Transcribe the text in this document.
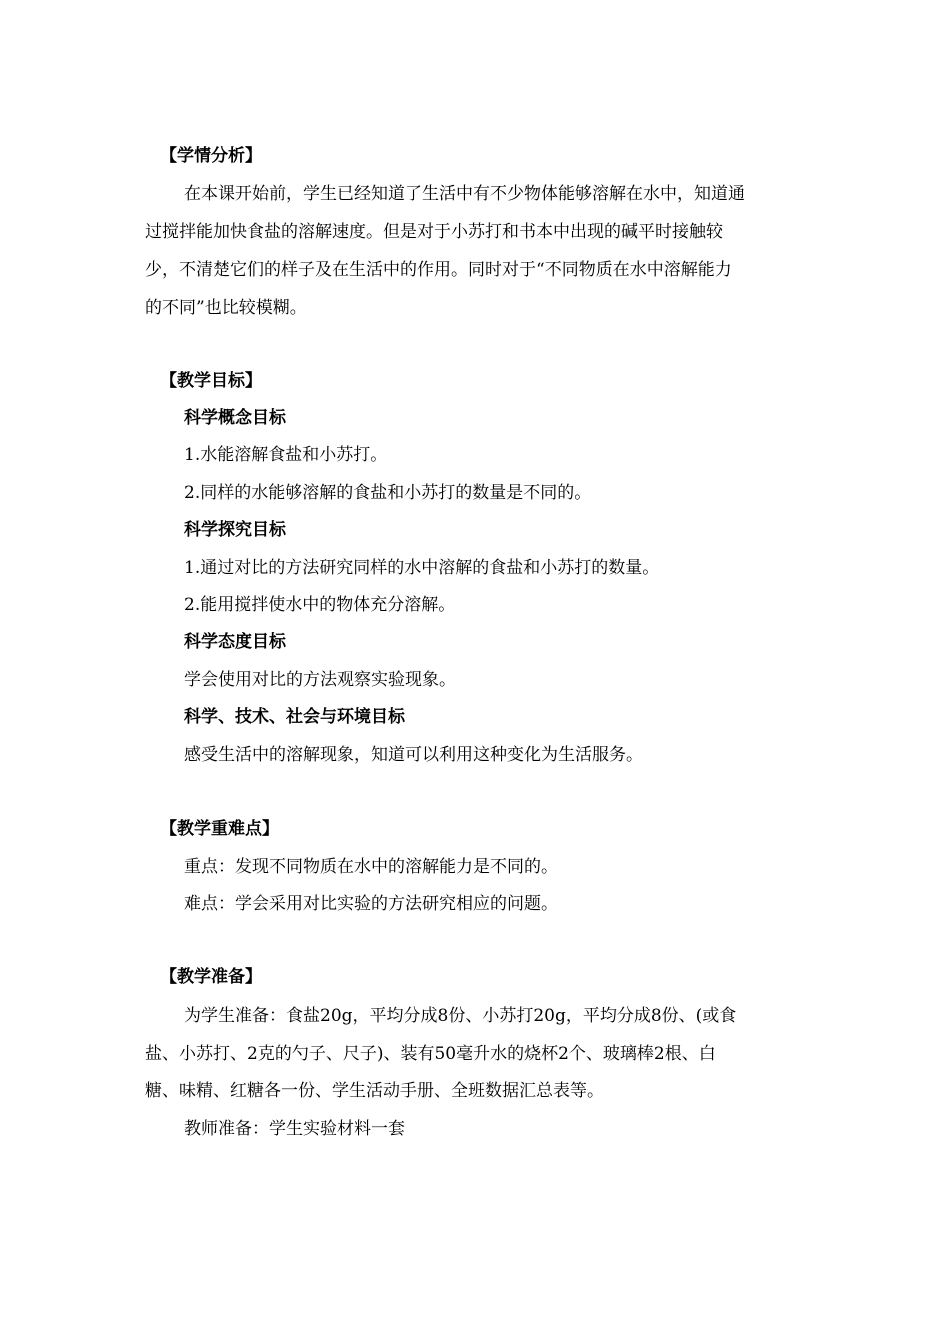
【学情分析】
在本课开始前，学生已经知道了生活中有不少物体能够溶解在水中，知道通
过搅拌能加快食盐的溶解速度。但是对于小苏打和书本中出现的碱平时接触较
少，不清楚它们的样子及在生活中的作用。同时对于“不同物质在水中溶解能力
的不同”也比较模糊。
【教学目标】
科学概念目标
1.水能溶解食盐和小苏打。
2.同样的水能够溶解的食盐和小苏打的数量是不同的。
科学探究目标
1.通过对比的方法研究同样的水中溶解的食盐和小苏打的数量。
2.能用搅拌使水中的物体充分溶解。
科学态度目标
学会使用对比的方法观察实验现象。
科学、技术、社会与环境目标
感受生活中的溶解现象，知道可以利用这种变化为生活服务。
【教学重难点】
重点：发现不同物质在水中的溶解能力是不同的。
难点：学会采用对比实验的方法研究相应的问题。
【教学准备】
为学生准备：食盐20g，平均分成8份、小苏打20g，平均分成8份、(或食
盐、小苏打、2克的勺子、尺子)、装有50毫升水的烧杯2个、玻璃棒2根、白
糖、味精、红糖各一份、学生活动手册、全班数据汇总表等。
教师准备：学生实验材料一套
